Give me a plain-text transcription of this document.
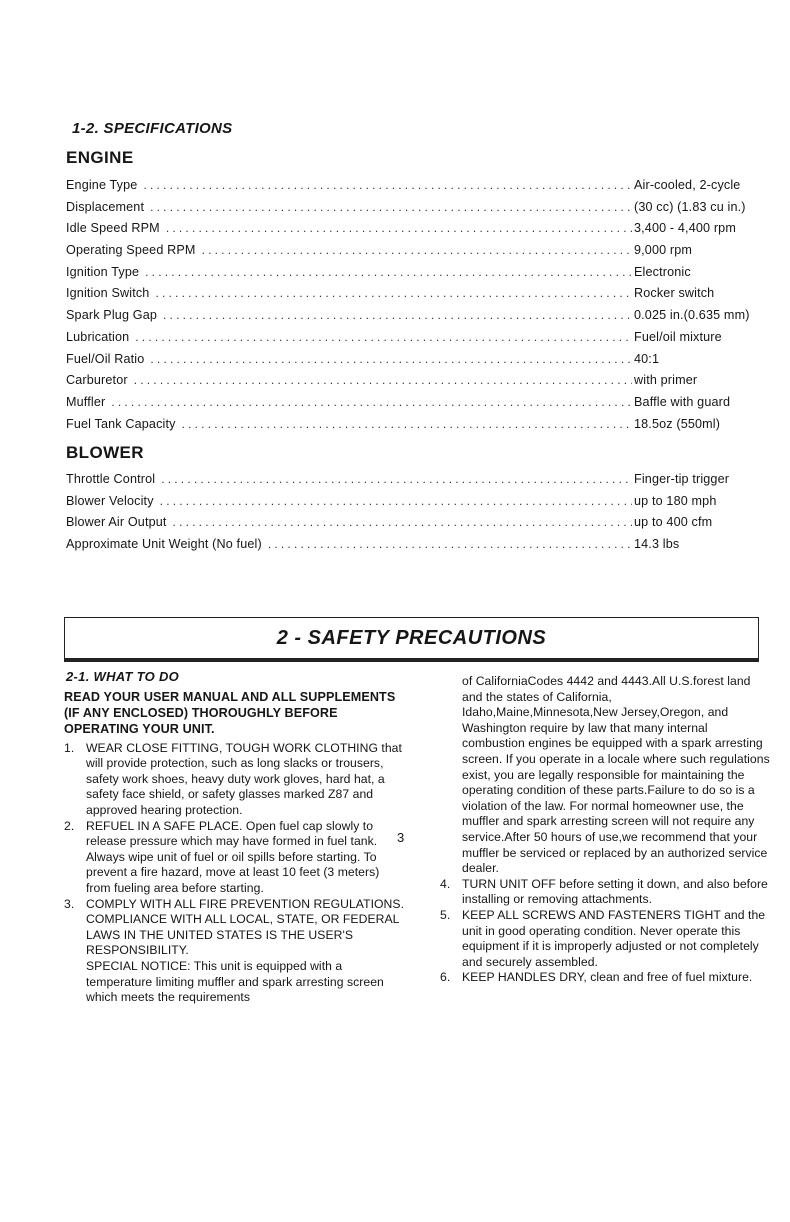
1-2. SPECIFICATIONS
ENGINE
Engine Type .....	Air-cooled, 2-cycle
Displacement .....	(30 cc) (1.83 cu in.)
Idle Speed RPM .....	3,400 - 4,400 rpm
Operating Speed RPM .....	9,000 rpm
Ignition Type .....	Electronic
Ignition Switch .....	Rocker switch
Spark Plug Gap .....	0.025 in.(0.635 mm)
Lubrication .....	Fuel/oil mixture
Fuel/Oil Ratio .....	40:1
Carburetor .....	with primer
Muffler .....	Baffle with guard
Fuel Tank Capacity .....	18.5oz (550ml)
BLOWER
Throttle Control .....	Finger-tip trigger
Blower Velocity .....	up to 180 mph
Blower Air Output .....	up to 400 cfm
Approximate Unit Weight (No fuel) .....	14.3 lbs
2 - SAFETY PRECAUTIONS
2-1. WHAT TO DO
READ YOUR USER MANUAL AND ALL SUPPLEMENTS (IF ANY ENCLOSED) THOROUGHLY BEFORE OPERATING YOUR UNIT.
1. WEAR CLOSE FITTING, TOUGH WORK CLOTHING that will provide protection, such as long slacks or trousers, safety work shoes, heavy duty work gloves, hard hat, a safety face shield, or safety glasses marked Z87 and approved hearing protection.
2. REFUEL IN A SAFE PLACE. Open fuel cap slowly to release pressure which may have formed in fuel tank. Always wipe unit of fuel or oil spills before starting. To prevent a fire hazard, move at least 10 feet (3 meters) from fueling area before starting.
3. COMPLY WITH ALL FIRE PREVENTION REGULATIONS. COMPLIANCE WITH ALL LOCAL, STATE, OR FEDERAL LAWS IN THE UNITED STATES IS THE USER'S RESPONSIBILITY.
SPECIAL NOTICE: This unit is equipped with a temperature limiting muffler and spark arresting screen which meets the requirements
of CaliforniaCodes 4442 and 4443.All U.S.forest land and the states of California, Idaho,Maine,Minnesota,New Jersey,Oregon, and Washington require by law that many internal combustion engines be equipped with a spark arresting screen. If you operate in a locale where such regulations exist, you are legally responsible for maintaining the operating condition of these parts.Failure to do so is a violation of the law. For normal homeowner use, the muffler and spark arresting screen will not require any service.After 50 hours of use,we recommend that your muffler be serviced or replaced by an authorized service dealer.
4. TURN UNIT OFF before setting it down, and also before installing or removing attachments.
5. KEEP ALL SCREWS AND FASTENERS TIGHT and the unit in good operating condition. Never operate this equipment if it is improperly adjusted or not completely and securely assembled.
6. KEEP HANDLES DRY, clean and free of fuel mixture.
3
